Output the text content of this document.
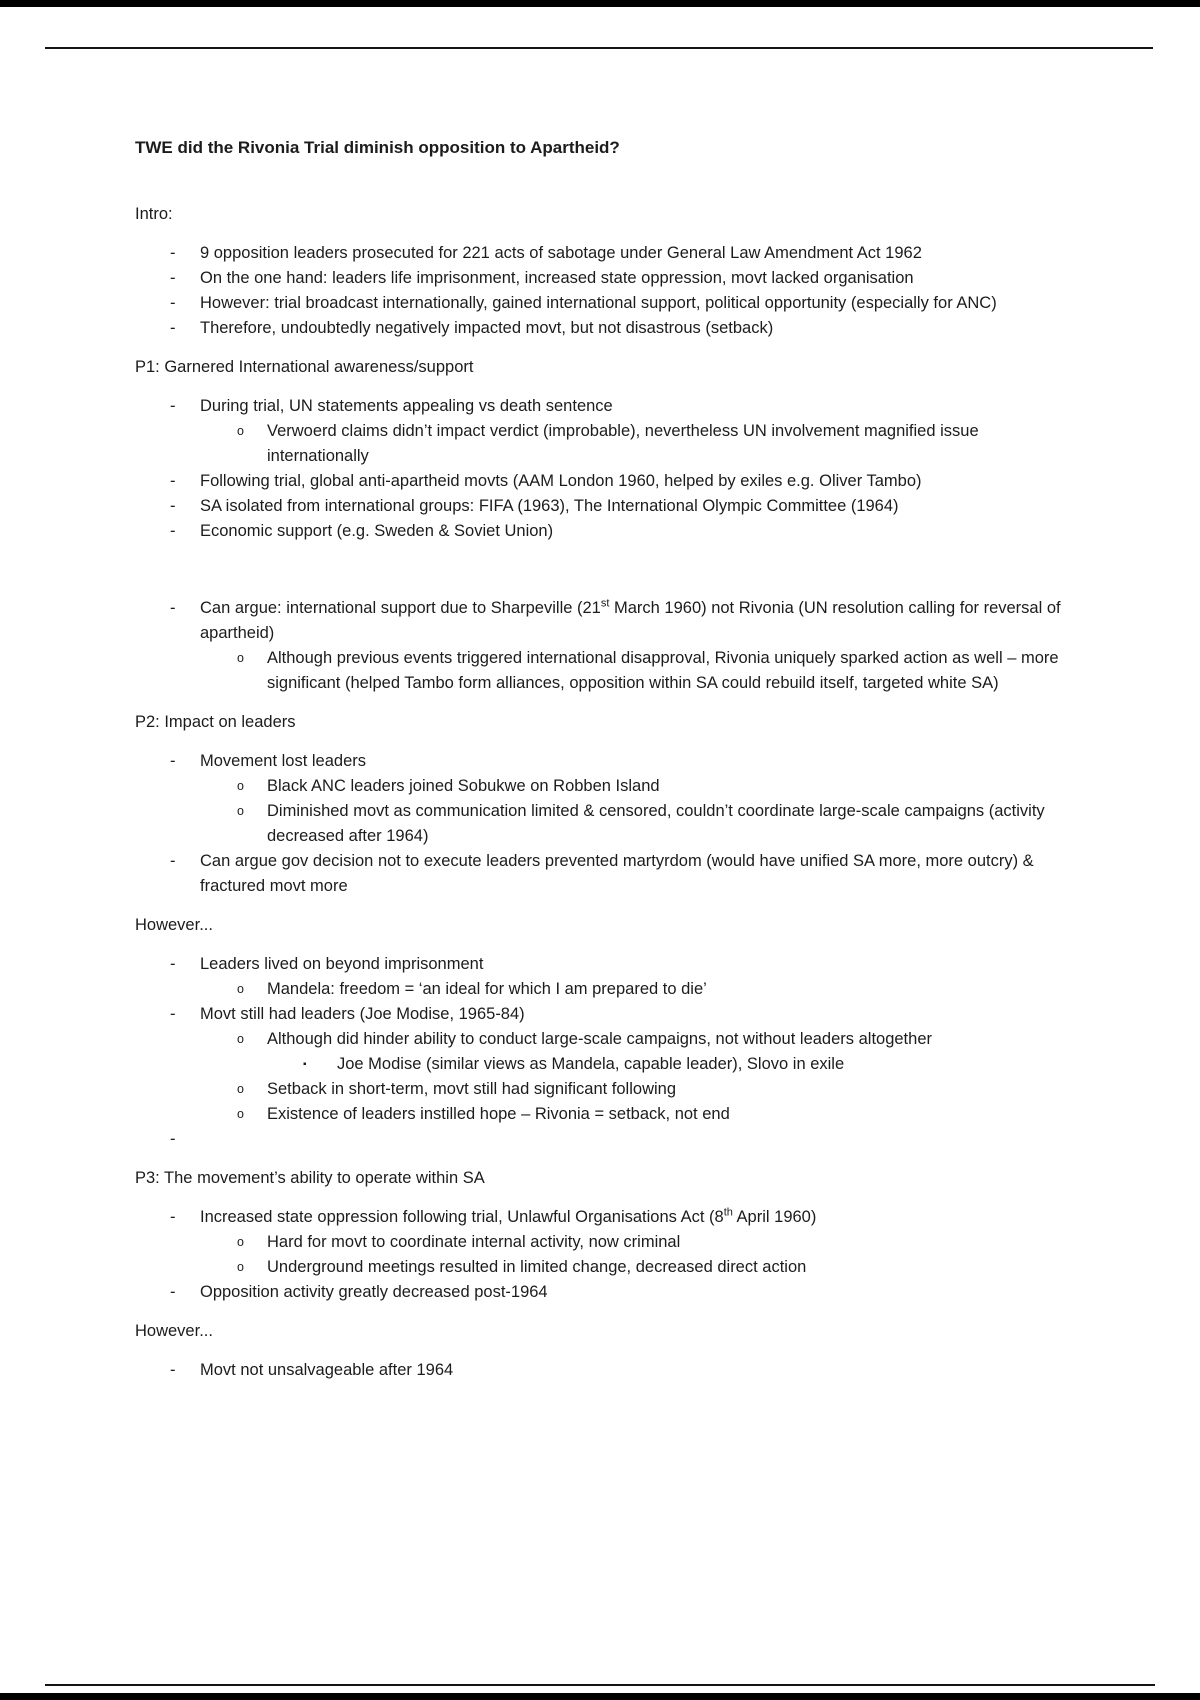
TWE did the Rivonia Trial diminish opposition to Apartheid?

Intro:

-	9 opposition leaders prosecuted for 221 acts of sabotage under General Law Amendment Act 1962
-	On the one hand: leaders life imprisonment, increased state oppression, movt lacked organisation
-	However: trial broadcast internationally, gained international support, political opportunity (especially for ANC)
-	Therefore, undoubtedly negatively impacted movt, but not disastrous (setback)

P1: Garnered International awareness/support

-	During trial, UN statements appealing vs death sentence
o	Verwoerd claims didn’t impact verdict (improbable), nevertheless UN involvement magnified issue internationally
-	Following trial, global anti-apartheid movts (AAM London 1960, helped by exiles e.g. Oliver Tambo)
-	SA isolated from international groups: FIFA (1963), The International Olympic Committee (1964)
-	Economic support (e.g. Sweden & Soviet Union)
-	Can argue: international support due to Sharpeville (21st March 1960) not Rivonia (UN resolution calling for reversal of apartheid)
o	Although previous events triggered international disapproval, Rivonia uniquely sparked action as well – more significant (helped Tambo form alliances, opposition within SA could rebuild itself, targeted white SA)

P2: Impact on leaders

-	Movement lost leaders
o	Black ANC leaders joined Sobukwe on Robben Island
o	Diminished movt as communication limited & censored, couldn’t coordinate large-scale campaigns (activity decreased after 1964)
-	Can argue gov decision not to execute leaders prevented martyrdom (would have unified SA more, more outcry) & fractured movt more

However...

-	Leaders lived on beyond imprisonment
o	Mandela: freedom = ‘an ideal for which I am prepared to die’
-	Movt still had leaders (Joe Modise, 1965-84)
o	Although did hinder ability to conduct large-scale campaigns, not without leaders altogether
▪	Joe Modise (similar views as Mandela, capable leader), Slovo in exile
o	Setback in short-term, movt still had significant following
o	Existence of leaders instilled hope – Rivonia = setback, not end
-

P3: The movement’s ability to operate within SA

-	Increased state oppression following trial, Unlawful Organisations Act (8th April 1960)
o	Hard for movt to coordinate internal activity, now criminal
o	Underground meetings resulted in limited change, decreased direct action
-	Opposition activity greatly decreased post-1964

However...

-	Movt not unsalvageable after 1964
